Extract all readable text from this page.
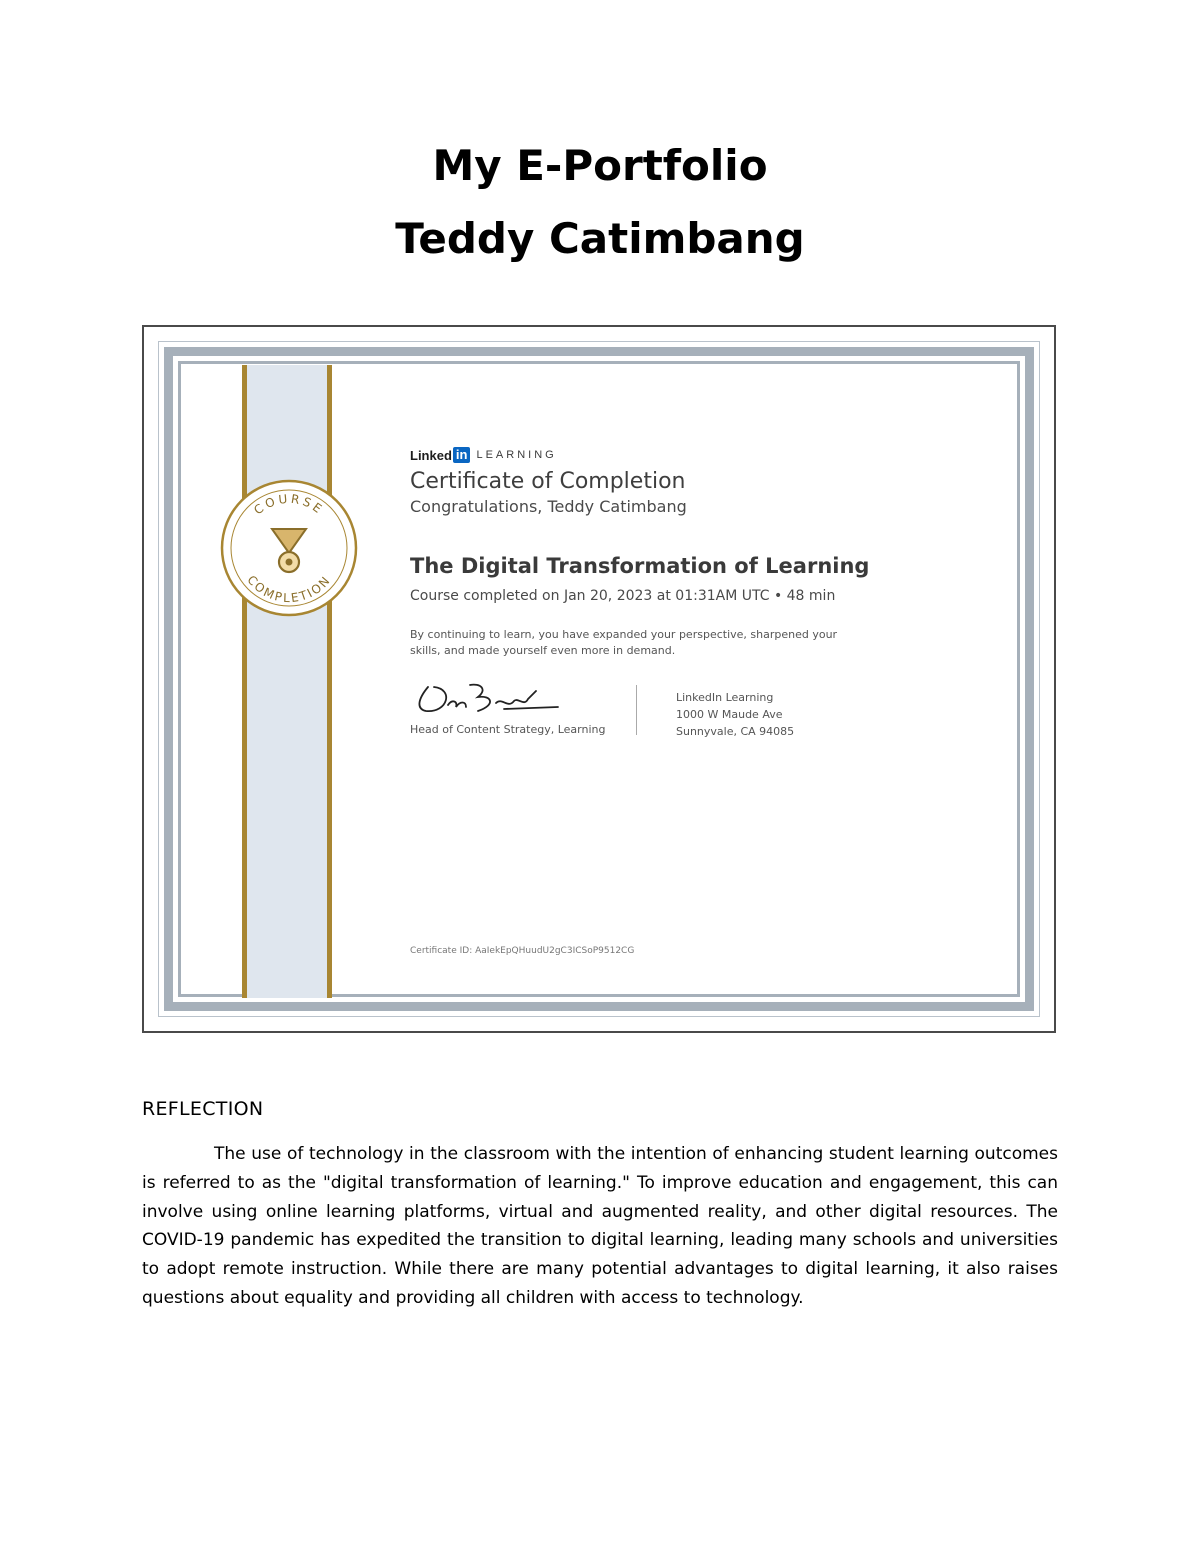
My E-Portfolio
Teddy Catimbang
COURSE
COMPLETION
Linked in LEARNING
Certificate of Completion
Congratulations, Teddy Catimbang
The Digital Transformation of Learning
Course completed on Jan 20, 2023 at 01:31AM UTC • 48 min
By continuing to learn, you have expanded your perspective, sharpened your skills, and made yourself even more in demand.
Head of Content Strategy, Learning
LinkedIn Learning
1000 W Maude Ave
Sunnyvale, CA 94085
Certificate ID: AaIekEpQHuudU2gC3ICSoP9512CG
REFLECTION

The use of technology in the classroom with the intention of enhancing student learning outcomes is referred to as the "digital transformation of learning." To improve education and engagement, this can involve using online learning platforms, virtual and augmented reality, and other digital resources. The COVID-19 pandemic has expedited the transition to digital learning, leading many schools and universities to adopt remote instruction. While there are many potential advantages to digital learning, it also raises questions about equality and providing all children with access to technology.
